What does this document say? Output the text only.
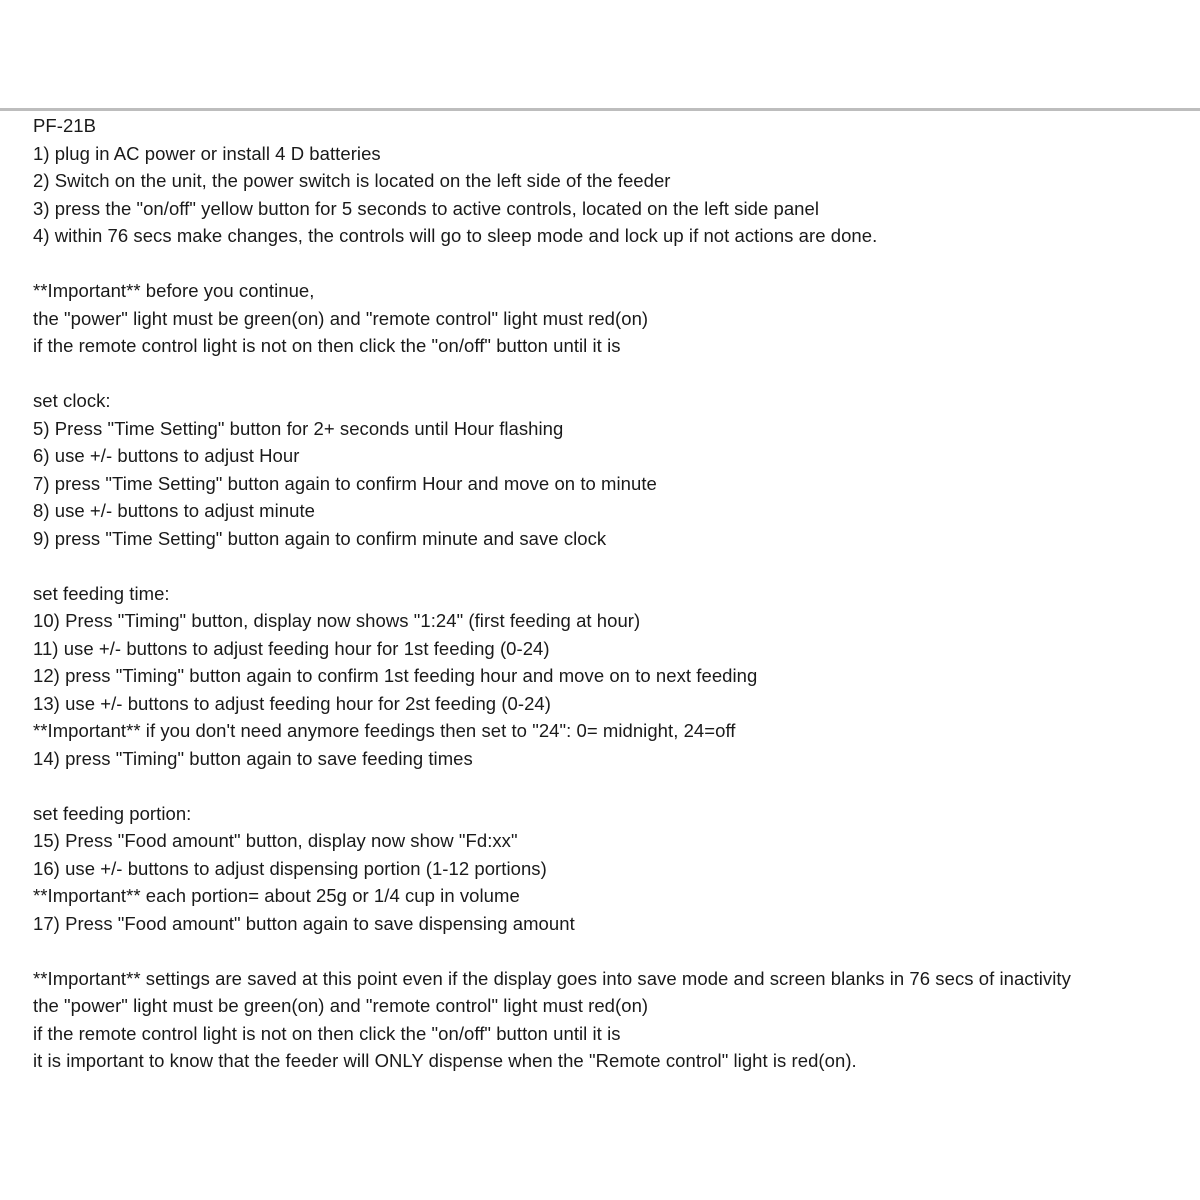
PF-21B
1) plug in AC power or install 4 D batteries
2) Switch on the unit, the power switch is located on the left side of the feeder
3) press the "on/off" yellow button for 5 seconds to active controls, located on the left side panel
4) within 76 secs make changes, the controls will go to sleep mode and lock up if not actions are done.
**Important** before you continue,
the "power" light must be green(on) and "remote control" light must red(on)
if the remote control light is not on then click the "on/off" button until it is
set clock:
5) Press "Time Setting" button for 2+ seconds until Hour flashing
6) use +/- buttons to adjust Hour
7) press "Time Setting" button again to confirm Hour and move on to minute
8) use +/- buttons to adjust minute
9) press "Time Setting" button again to confirm minute and save clock
set feeding time:
10) Press "Timing" button, display now shows "1:24" (first feeding at hour)
11) use +/- buttons to adjust feeding hour for 1st feeding (0-24)
12) press "Timing" button again to confirm 1st feeding hour and move on to next feeding
13) use +/- buttons to adjust feeding hour for 2st feeding (0-24)
**Important** if you don't need anymore feedings then set to "24": 0= midnight, 24=off
14) press "Timing" button again to save feeding times
set feeding portion:
15) Press "Food amount" button, display now show "Fd:xx"
16) use +/- buttons to adjust dispensing portion (1-12 portions)
**Important** each portion= about 25g or 1/4 cup in volume
17) Press "Food amount" button again to save dispensing amount
**Important** settings are saved at this point even if the display goes into save mode and screen blanks in 76 secs of inactivity
the "power" light must be green(on) and "remote control" light must red(on)
if the remote control light is not on then click the "on/off" button until it is
it is important to know that the feeder will ONLY dispense when the "Remote control" light is red(on).
